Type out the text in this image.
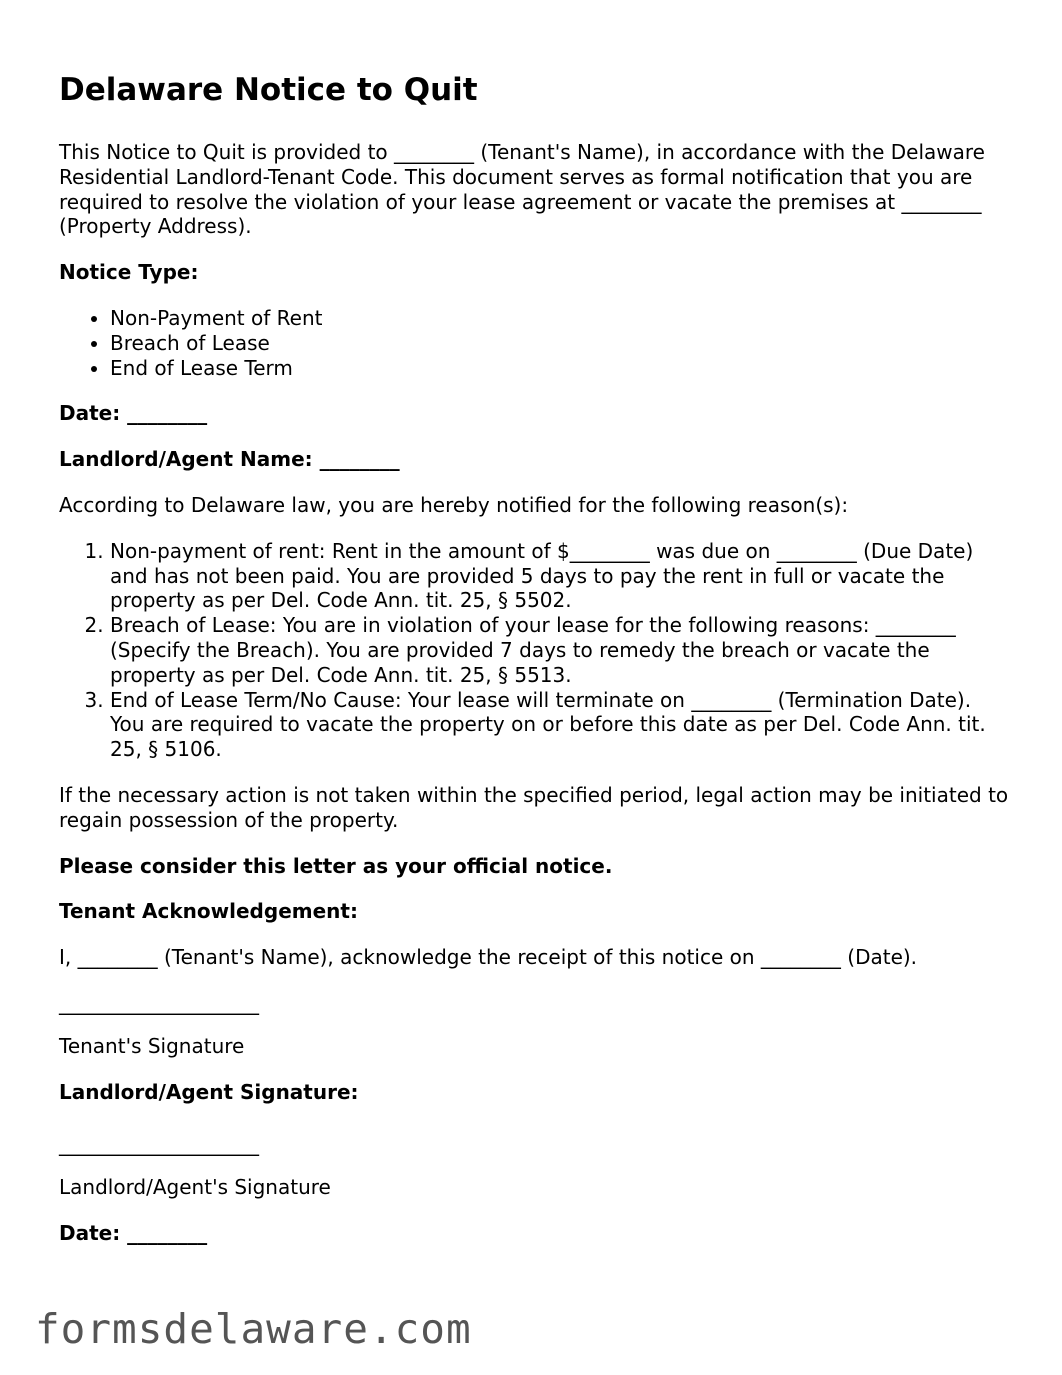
Delaware Notice to Quit

This Notice to Quit is provided to ________ (Tenant's Name), in accordance with the Delaware Residential Landlord-Tenant Code. This document serves as formal notification that you are required to resolve the violation of your lease agreement or vacate the premises at ________ (Property Address).

Notice Type:

• Non-Payment of Rent
• Breach of Lease
• End of Lease Term

Date: ________

Landlord/Agent Name: ________

According to Delaware law, you are hereby notified for the following reason(s):

1. Non-payment of rent: Rent in the amount of $________ was due on ________ (Due Date) and has not been paid. You are provided 5 days to pay the rent in full or vacate the property as per Del. Code Ann. tit. 25, § 5502.
2. Breach of Lease: You are in violation of your lease for the following reasons: ________ (Specify the Breach). You are provided 7 days to remedy the breach or vacate the property as per Del. Code Ann. tit. 25, § 5513.
3. End of Lease Term/No Cause: Your lease will terminate on ________ (Termination Date). You are required to vacate the property on or before this date as per Del. Code Ann. tit. 25, § 5106.

If the necessary action is not taken within the specified period, legal action may be initiated to regain possession of the property.

Please consider this letter as your official notice.

Tenant Acknowledgement:

I, ________ (Tenant's Name), acknowledge the receipt of this notice on ________ (Date).

____________________

Tenant's Signature

Landlord/Agent Signature:

____________________

Landlord/Agent's Signature

Date: ________

formsdelaware.com
